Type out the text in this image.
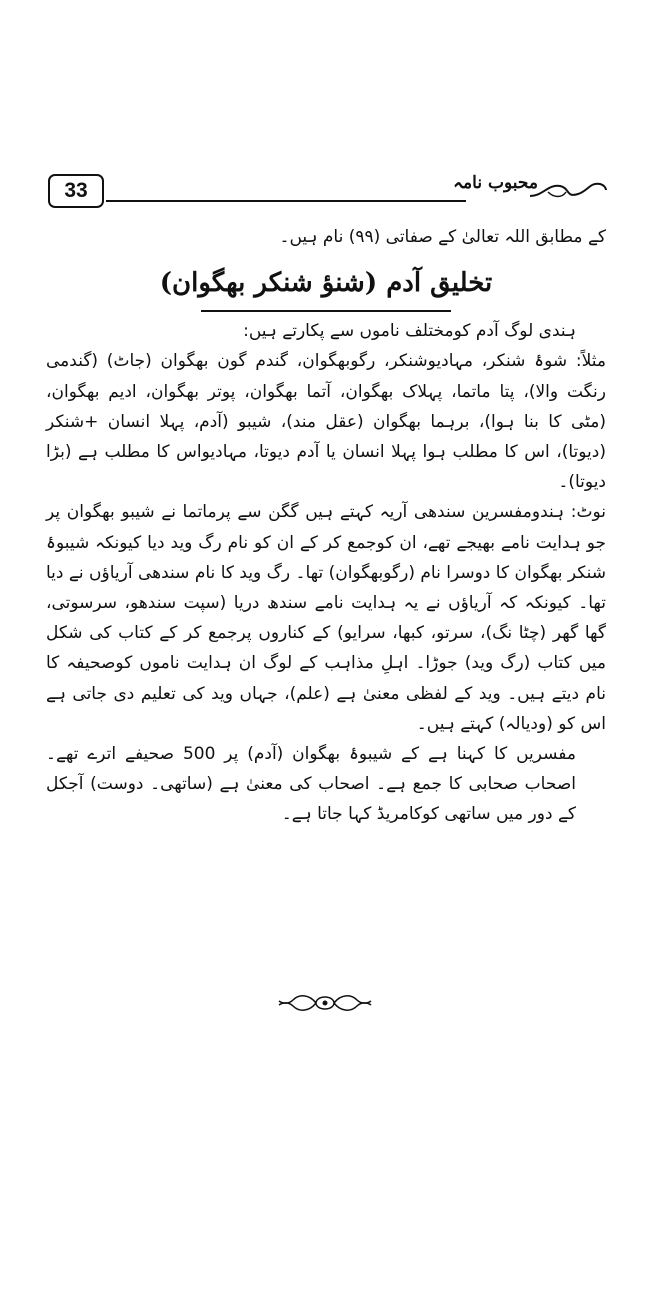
33	محبوب نامہ

کے مطابق اللہ تعالیٰ کے صفاتی (۹۹) نام ہیں۔

تخلیق آدم (شنؤ شنکر بھگوان)

ہندی لوگ آدم کومختلف ناموں سے پکارتے ہیں:

مثلاً: شوۂ شنکر، مہادیوشنکر، رگوبھگوان، گندم گون بھگوان (جاٹ) (گندمی رنگت والا)، پتا ماتما، پہلاک بھگوان، آتما بھگوان، پوتر بھگوان، ادیم بھگوان، (مٹی کا بنا ہوا)، برہما بھگوان (عقل مند)، شیبو (آدم، پہلا انسان +شنکر (دیوتا)، اس کا مطلب ہوا پہلا انسان یا آدم دیوتا، مہادیواس کا مطلب ہے (بڑا دیوتا)۔

نوٹ: ہندومفسرین سندھی آریہ کہتے ہیں گگن سے پرماتما نے شیبو بھگوان پر جو ہدایت نامے بھیجے تھے، ان کوجمع کر کے ان کو نام رگ وید دیا کیونکہ شیبوۂ شنکر بھگوان کا دوسرا نام (رگوبھگوان) تھا۔ رگ وید کا نام سندھی آریاؤں نے دیا تھا۔ کیونکہ کہ آریاؤں نے یہ ہدایت نامے سندھ دریا (سپت سندھو، سرسوتی، گھا گھر (چٹا نگ)، سرتو، کبھا، سرایو) کے کناروں پرجمع کر کے کتاب کی شکل میں کتاب (رگ وید) جوڑا۔ اہلِ مذاہب کے لوگ ان ہدایت ناموں کوصحیفہ کا نام دیتے ہیں۔ وید کے لفظی معنیٰ ہے (علم)، جہاں وید کی تعلیم دی جاتی ہے اس کو (ودیالہ) کہتے ہیں۔

مفسریں کا کہنا ہے کے شیبوۂ بھگوان (آدم) پر 500 صحیفے اترے تھے۔ اصحاب صحابی کا جمع ہے۔ اصحاب کی معنیٰ ہے (ساتھی۔ دوست) آجکل کے دور میں ساتھی کوکامریڈ کہا جاتا ہے۔
